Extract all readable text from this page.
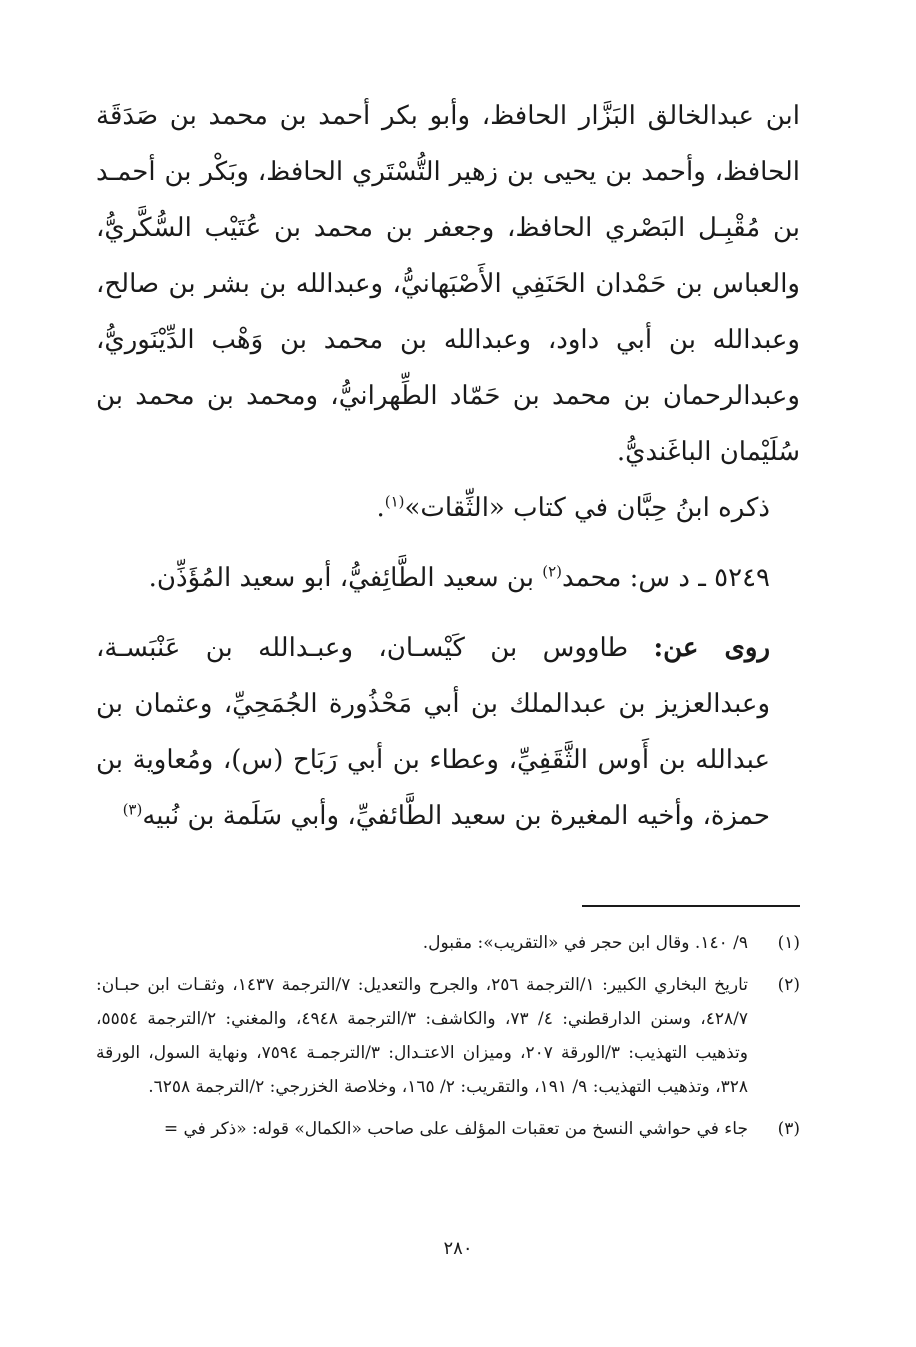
ابن عبدالخالق البَزَّار الحافظ، وأبو بكر أحمد بن محمد بن صَدَقَة الحافظ، وأحمد بن يحيى بن زهير التُّسْتَري الحافظ، وبَكْر بن أحمـد بن مُقْبِـل البَصْري الحافظ، وجعفر بن محمد بن عُتَيْب السُّكَّريُّ، والعباس بن حَمْدان الحَنَفِي الأَصْبَهانيُّ، وعبدالله بن بشر بن صالح، وعبدالله بن أبي داود، وعبدالله بن محمد بن وَهْب الدِّيْنَوريُّ، وعبدالرحمان بن محمد بن حَمّاد الطِّهرانيُّ، ومحمد بن محمد بن سُلَيْمان الباغَنديُّ.

ذكره ابنُ حِبَّان في كتاب «الثِّقات»$^{(١)}$.

٥٢٤٩ ـ د س: محمد$^{(٢)}$ بن سعيد الطَّائِفيُّ، أبو سعيد المُؤَذِّن.

روى عن: طاووس بن كَيْسـان، وعبـدالله بن عَنْبَسـة، وعبدالعزيز بن عبدالملك بن أبي مَحْذُورة الجُمَحِيِّ، وعثمان بن عبدالله بن أَوس الثَّقَفِيِّ، وعطاء بن أبي رَبَاح (س)، ومُعاوية بن حمزة، وأخيه المغيرة بن سعيد الطَّائفيِّ، وأبي سَلَمة بن نُبيه$^{(٣)}$

(١)
٩/ ١٤٠. وقال ابن حجر في «التقريب»: مقبول.
(٢)
تاريخ البخاري الكبير: ١/الترجمة ٢٥٦، والجرح والتعديل: ٧/الترجمة ١٤٣٧، وثقـات ابن حبـان: ٤٢٨/٧، وسنن الدارقطني: ٤/ ٧٣، والكاشف: ٣/الترجمة ٤٩٤٨، والمغني: ٢/الترجمة ٥٥٥٤، وتذهيب التهذيب: ٣/الورقة ٢٠٧، وميزان الاعتـدال: ٣/الترجمـة ٧٥٩٤، ونهاية السول، الورقة ٣٢٨، وتذهيب التهذيب: ٩/ ١٩١، والتقريب: ٢/ ١٦٥، وخلاصة الخزرجي: ٢/الترجمة ٦٢٥٨.
(٣)
جاء في حواشي النسخ من تعقبات المؤلف على صاحب «الكمال» قوله: «ذكر في =
٢٨٠
